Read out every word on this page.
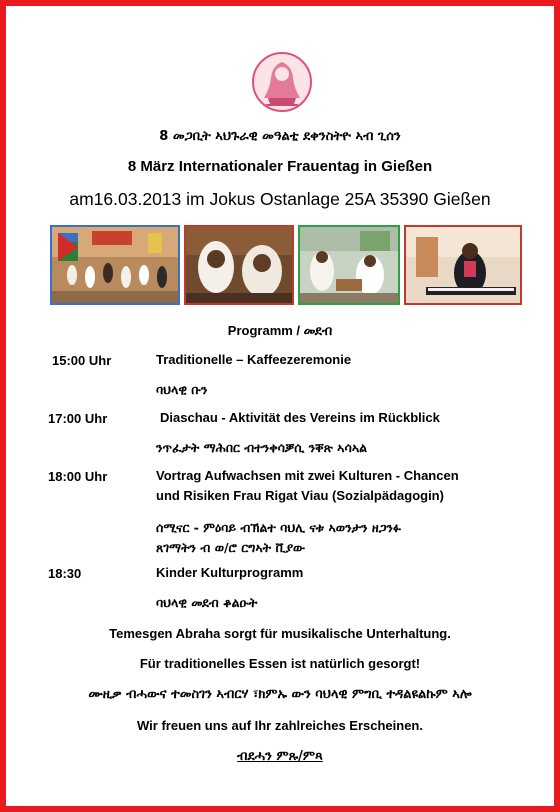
8 መጋቢት ኣህጉራዊ መዓልቲ ደቀንስትዮ ኣብ ጊሰን
8 März Internationaler Frauentag in Gießen
am16.03.2013 im Jokus Ostanlage 25A 35390 Gießen
Programm / መደብ
15:00 Uhr	Traditionelle – Kaffeezeremonie
ባህላዊ ቡን
17:00 Uhr	Diaschau - Aktivität des Vereins im Rückblick
ንጥፈታት ማሕበር ብተንቀሳቓሲ ንቐጽ ኣሳኣል
18:00 Uhr	Vortrag Aufwachsen mit zwei Kulturen - Chancen
und Risiken Frau Rigat Viau (Sozialpädagogin)
ሰሚናር - ምዕባይ ብኽልተ ባህሊ ናቱ ኣወንታን ዘጋንፉ
ጸገማትን ብ ወ/ሮ ርግኣት ቪያው
18:30	Kinder Kulturprogramm
ባህላዊ መደብ ቆልዑት
Temesgen Abraha sorgt für musikalische Unterhaltung.
Für traditionelles Essen ist natürlich gesorgt!
ሙዚቃ ብሓውና ተመስገን ኣብርሃ ፣ክምኡ ውን ባህላዊ ምግቢ ተዳልዩልኩም ኣሎ
Wir freuen uns auf Ihr zahlreiches Erscheinen.
ብደሓን ምጹ/ምጻ
